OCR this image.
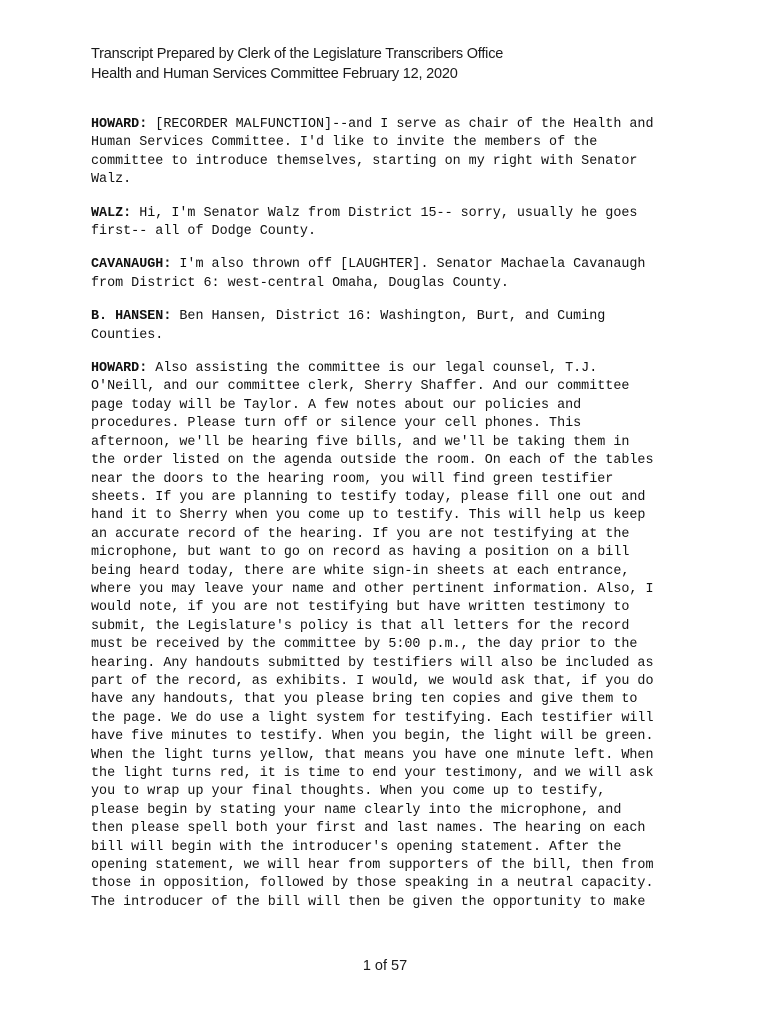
Transcript Prepared by Clerk of the Legislature Transcribers Office
Health and Human Services Committee February 12, 2020
HOWARD: [RECORDER MALFUNCTION]--and I serve as chair of the Health and
Human Services Committee. I'd like to invite the members of the
committee to introduce themselves, starting on my right with Senator
Walz.
WALZ: Hi, I'm Senator Walz from District 15-- sorry, usually he goes
first-- all of Dodge County.
CAVANAUGH: I'm also thrown off [LAUGHTER]. Senator Machaela Cavanaugh
from District 6: west-central Omaha, Douglas County.
B. HANSEN: Ben Hansen, District 16: Washington, Burt, and Cuming
Counties.
HOWARD: Also assisting the committee is our legal counsel, T.J.
O'Neill, and our committee clerk, Sherry Shaffer. And our committee
page today will be Taylor. A few notes about our policies and
procedures. Please turn off or silence your cell phones. This
afternoon, we'll be hearing five bills, and we'll be taking them in
the order listed on the agenda outside the room. On each of the tables
near the doors to the hearing room, you will find green testifier
sheets. If you are planning to testify today, please fill one out and
hand it to Sherry when you come up to testify. This will help us keep
an accurate record of the hearing. If you are not testifying at the
microphone, but want to go on record as having a position on a bill
being heard today, there are white sign-in sheets at each entrance,
where you may leave your name and other pertinent information. Also, I
would note, if you are not testifying but have written testimony to
submit, the Legislature's policy is that all letters for the record
must be received by the committee by 5:00 p.m., the day prior to the
hearing. Any handouts submitted by testifiers will also be included as
part of the record, as exhibits. I would, we would ask that, if you do
have any handouts, that you please bring ten copies and give them to
the page. We do use a light system for testifying. Each testifier will
have five minutes to testify. When you begin, the light will be green.
When the light turns yellow, that means you have one minute left. When
the light turns red, it is time to end your testimony, and we will ask
you to wrap up your final thoughts. When you come up to testify,
please begin by stating your name clearly into the microphone, and
then please spell both your first and last names. The hearing on each
bill will begin with the introducer's opening statement. After the
opening statement, we will hear from supporters of the bill, then from
those in opposition, followed by those speaking in a neutral capacity.
The introducer of the bill will then be given the opportunity to make
1 of 57
